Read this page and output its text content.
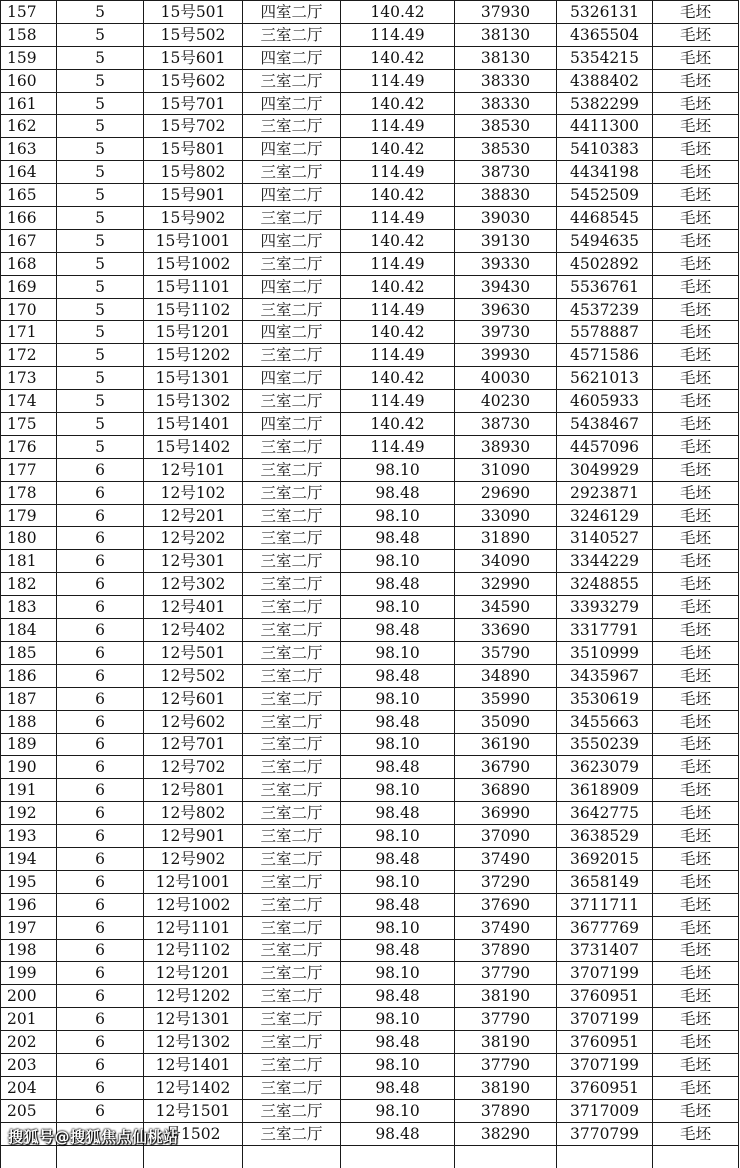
157	5	15号501	四室二厅	140.42	37930	5326131	毛坯
158	5	15号502	三室二厅	114.49	38130	4365504	毛坯
159	5	15号601	四室二厅	140.42	38130	5354215	毛坯
160	5	15号602	三室二厅	114.49	38330	4388402	毛坯
161	5	15号701	四室二厅	140.42	38330	5382299	毛坯
162	5	15号702	三室二厅	114.49	38530	4411300	毛坯
163	5	15号801	四室二厅	140.42	38530	5410383	毛坯
164	5	15号802	三室二厅	114.49	38730	4434198	毛坯
165	5	15号901	四室二厅	140.42	38830	5452509	毛坯
166	5	15号902	三室二厅	114.49	39030	4468545	毛坯
167	5	15号1001	四室二厅	140.42	39130	5494635	毛坯
168	5	15号1002	三室二厅	114.49	39330	4502892	毛坯
169	5	15号1101	四室二厅	140.42	39430	5536761	毛坯
170	5	15号1102	三室二厅	114.49	39630	4537239	毛坯
171	5	15号1201	四室二厅	140.42	39730	5578887	毛坯
172	5	15号1202	三室二厅	114.49	39930	4571586	毛坯
173	5	15号1301	四室二厅	140.42	40030	5621013	毛坯
174	5	15号1302	三室二厅	114.49	40230	4605933	毛坯
175	5	15号1401	四室二厅	140.42	38730	5438467	毛坯
176	5	15号1402	三室二厅	114.49	38930	4457096	毛坯
177	6	12号101	三室二厅	98.10	31090	3049929	毛坯
178	6	12号102	三室二厅	98.48	29690	2923871	毛坯
179	6	12号201	三室二厅	98.10	33090	3246129	毛坯
180	6	12号202	三室二厅	98.48	31890	3140527	毛坯
181	6	12号301	三室二厅	98.10	34090	3344229	毛坯
182	6	12号302	三室二厅	98.48	32990	3248855	毛坯
183	6	12号401	三室二厅	98.10	34590	3393279	毛坯
184	6	12号402	三室二厅	98.48	33690	3317791	毛坯
185	6	12号501	三室二厅	98.10	35790	3510999	毛坯
186	6	12号502	三室二厅	98.48	34890	3435967	毛坯
187	6	12号601	三室二厅	98.10	35990	3530619	毛坯
188	6	12号602	三室二厅	98.48	35090	3455663	毛坯
189	6	12号701	三室二厅	98.10	36190	3550239	毛坯
190	6	12号702	三室二厅	98.48	36790	3623079	毛坯
191	6	12号801	三室二厅	98.10	36890	3618909	毛坯
192	6	12号802	三室二厅	98.48	36990	3642775	毛坯
193	6	12号901	三室二厅	98.10	37090	3638529	毛坯
194	6	12号902	三室二厅	98.48	37490	3692015	毛坯
195	6	12号1001	三室二厅	98.10	37290	3658149	毛坯
196	6	12号1002	三室二厅	98.48	37690	3711711	毛坯
197	6	12号1101	三室二厅	98.10	37490	3677769	毛坯
198	6	12号1102	三室二厅	98.48	37890	3731407	毛坯
199	6	12号1201	三室二厅	98.10	37790	3707199	毛坯
200	6	12号1202	三室二厅	98.48	38190	3760951	毛坯
201	6	12号1301	三室二厅	98.10	37790	3707199	毛坯
202	6	12号1302	三室二厅	98.48	38190	3760951	毛坯
203	6	12号1401	三室二厅	98.10	37790	3707199	毛坯
204	6	12号1402	三室二厅	98.48	38190	3760951	毛坯
205	6	12号1501	三室二厅	98.10	37890	3717009	毛坯
		号1502	三室二厅	98.48	38290	3770799	毛坯

搜狐号@搜狐焦点仙桃站
